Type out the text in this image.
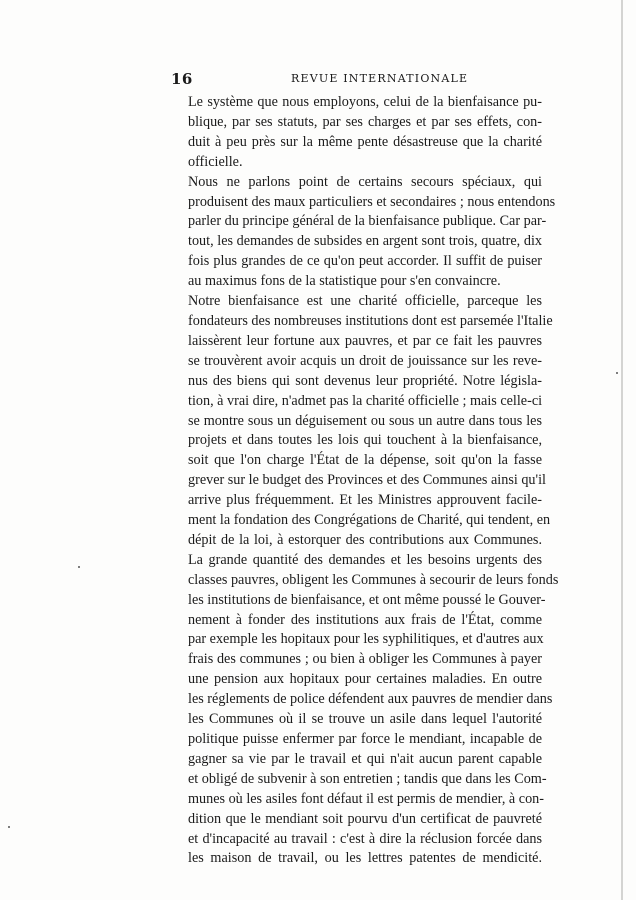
16	REVUE INTERNATIONALE

Le système que nous employons, celui de la bienfaisance pu-
blique, par ses statuts, par ses charges et par ses effets, con-
duit à peu près sur la même pente désastreuse que la charité
officielle.

Nous ne parlons point de certains secours spéciaux, qui
produisent des maux particuliers et secondaires ; nous entendons
parler du principe général de la bienfaisance publique. Car par-
tout, les demandes de subsides en argent sont trois, quatre, dix
fois plus grandes de ce qu'on peut accorder. Il suffit de puiser
au maximus fons de la statistique pour s'en convaincre.

Notre bienfaisance est une charité officielle, parceque les
fondateurs des nombreuses institutions dont est parsemée l'Italie
laissèrent leur fortune aux pauvres, et par ce fait les pauvres
se trouvèrent avoir acquis un droit de jouissance sur les reve-
nus des biens qui sont devenus leur propriété. Notre législa-
tion, à vrai dire, n'admet pas la charité officielle ; mais celle-ci
se montre sous un déguisement ou sous un autre dans tous les
projets et dans toutes les lois qui touchent à la bienfaisance,
soit que l'on charge l'État de la dépense, soit qu'on la fasse
grever sur le budget des Provinces et des Communes ainsi qu'il
arrive plus fréquemment. Et les Ministres approuvent facile-
ment la fondation des Congrégations de Charité, qui tendent, en
dépit de la loi, à estorquer des contributions aux Communes.
La grande quantité des demandes et les besoins urgents des
classes pauvres, obligent les Communes à secourir de leurs fonds
les institutions de bienfaisance, et ont même poussé le Gouver-
nement à fonder des institutions aux frais de l'État, comme
par exemple les hopitaux pour les syphilitiques, et d'autres aux
frais des communes ; ou bien à obliger les Communes à payer
une pension aux hopitaux pour certaines maladies. En outre
les réglements de police défendent aux pauvres de mendier dans
les Communes où il se trouve un asile dans lequel l'autorité
politique puisse enfermer par force le mendiant, incapable de
gagner sa vie par le travail et qui n'ait aucun parent capable
et obligé de subvenir à son entretien ; tandis que dans les Com-
munes où les asiles font défaut il est permis de mendier, à con-
dition que le mendiant soit pourvu d'un certificat de pauvreté
et d'incapacité au travail : c'est à dire la réclusion forcée dans
les maison de travail, ou les lettres patentes de mendicité.
